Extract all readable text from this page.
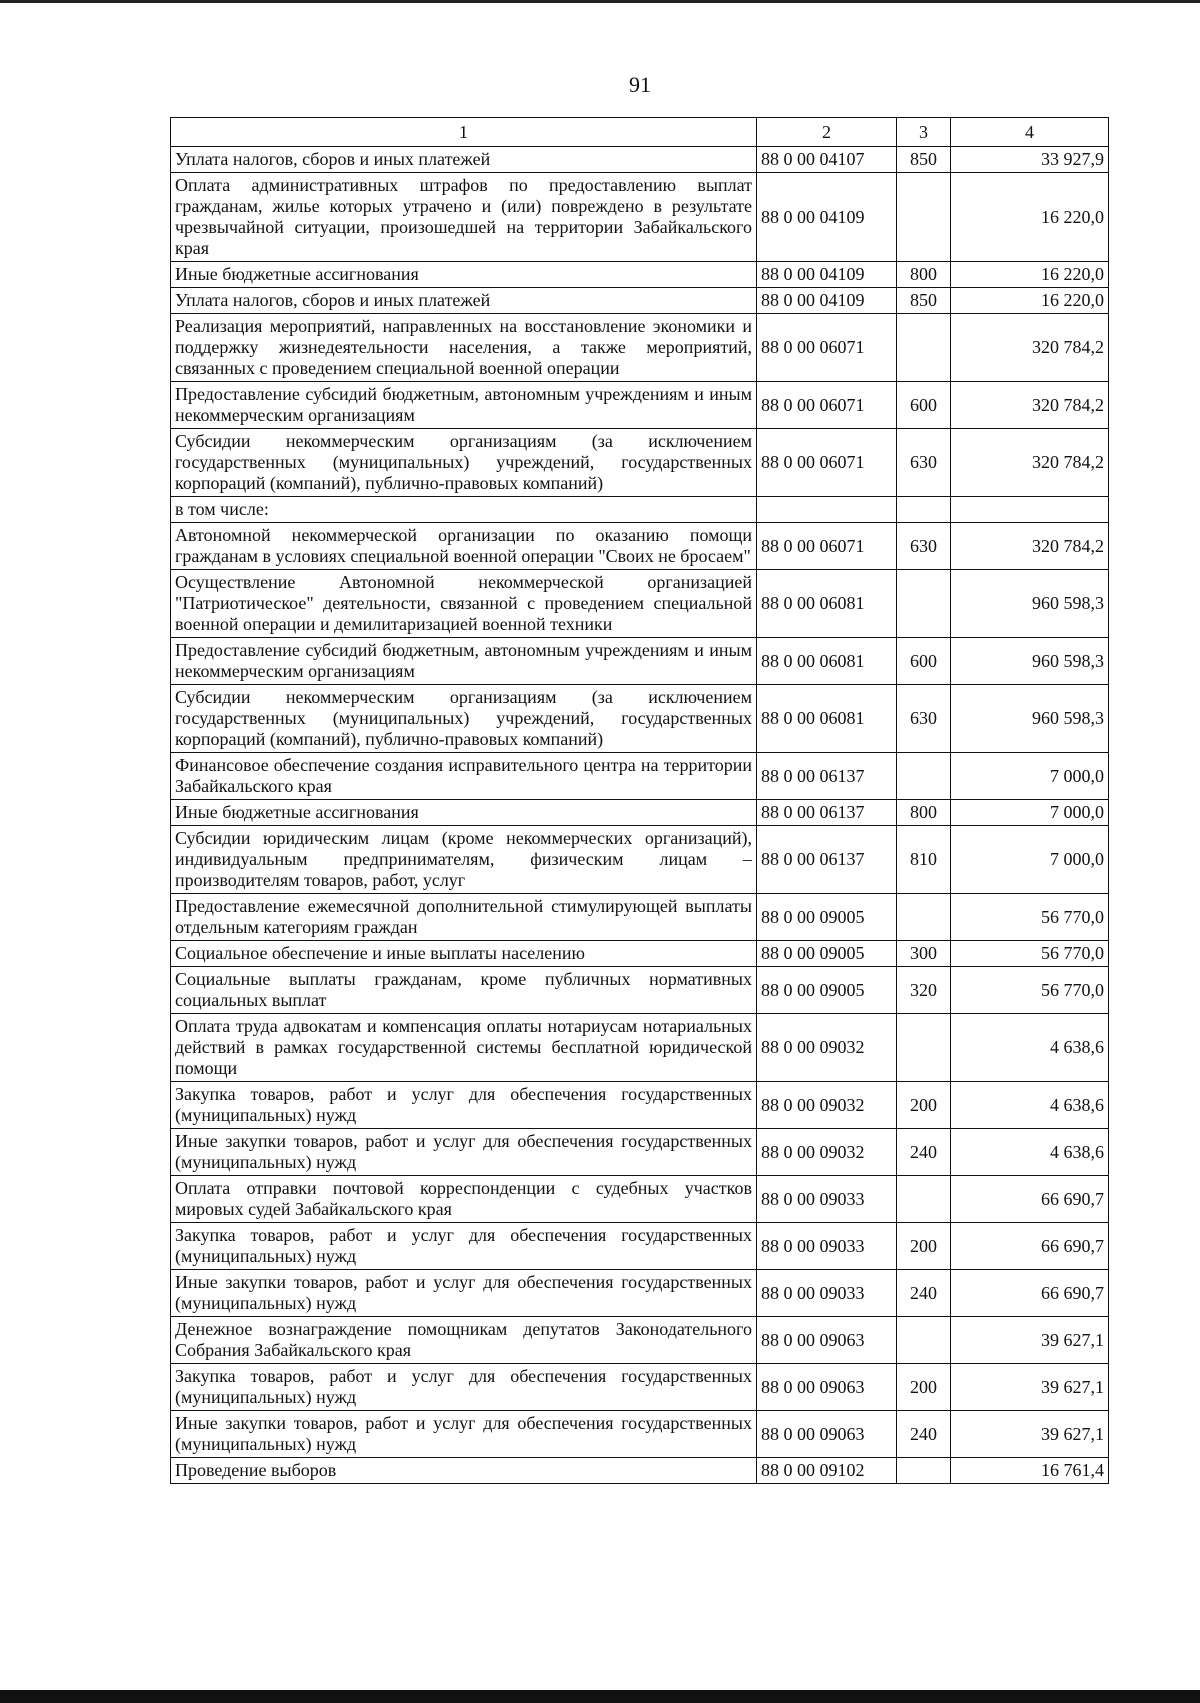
91
1	2	3	4
Уплата налогов, сборов и иных платежей	88 0 00 04107	850	33 927,9
Оплата административных штрафов по предоставлению выплат гражданам, жилье которых утрачено и (или) повреждено в результате чрезвычайной ситуации, произошедшей на территории Забайкальского края	88 0 00 04109		16 220,0
Иные бюджетные ассигнования	88 0 00 04109	800	16 220,0
Уплата налогов, сборов и иных платежей	88 0 00 04109	850	16 220,0
Реализация мероприятий, направленных на восстановление экономики и поддержку жизнедеятельности населения, а также мероприятий, связанных с проведением специальной военной операции	88 0 00 06071		320 784,2
Предоставление субсидий бюджетным, автономным учреждениям и иным некоммерческим организациям	88 0 00 06071	600	320 784,2
Субсидии некоммерческим организациям (за исключением государственных (муниципальных) учреждений, государственных корпораций (компаний), публично-правовых компаний)	88 0 00 06071	630	320 784,2
в том числе:			
Автономной некоммерческой организации по оказанию помощи гражданам в условиях специальной военной операции "Своих не бросаем"	88 0 00 06071	630	320 784,2
Осуществление Автономной некоммерческой организацией "Патриотическое" деятельности, связанной с проведением специальной военной операции и демилитаризацией военной техники	88 0 00 06081		960 598,3
Предоставление субсидий бюджетным, автономным учреждениям и иным некоммерческим организациям	88 0 00 06081	600	960 598,3
Субсидии некоммерческим организациям (за исключением государственных (муниципальных) учреждений, государственных корпораций (компаний), публично-правовых компаний)	88 0 00 06081	630	960 598,3
Финансовое обеспечение создания исправительного центра на территории Забайкальского края	88 0 00 06137		7 000,0
Иные бюджетные ассигнования	88 0 00 06137	800	7 000,0
Субсидии юридическим лицам (кроме некоммерческих организаций), индивидуальным предпринимателям, физическим лицам – производителям товаров, работ, услуг	88 0 00 06137	810	7 000,0
Предоставление ежемесячной дополнительной стимулирующей выплаты отдельным категориям граждан	88 0 00 09005		56 770,0
Социальное обеспечение и иные выплаты населению	88 0 00 09005	300	56 770,0
Социальные выплаты гражданам, кроме публичных нормативных социальных выплат	88 0 00 09005	320	56 770,0
Оплата труда адвокатам и компенсация оплаты нотариусам нотариальных действий в рамках государственной системы бесплатной юридической помощи	88 0 00 09032		4 638,6
Закупка товаров, работ и услуг для обеспечения государственных (муниципальных) нужд	88 0 00 09032	200	4 638,6
Иные закупки товаров, работ и услуг для обеспечения государственных (муниципальных) нужд	88 0 00 09032	240	4 638,6
Оплата отправки почтовой корреспонденции с судебных участков мировых судей Забайкальского края	88 0 00 09033		66 690,7
Закупка товаров, работ и услуг для обеспечения государственных (муниципальных) нужд	88 0 00 09033	200	66 690,7
Иные закупки товаров, работ и услуг для обеспечения государственных (муниципальных) нужд	88 0 00 09033	240	66 690,7
Денежное вознаграждение помощникам депутатов Законодательного Собрания Забайкальского края	88 0 00 09063		39 627,1
Закупка товаров, работ и услуг для обеспечения государственных (муниципальных) нужд	88 0 00 09063	200	39 627,1
Иные закупки товаров, работ и услуг для обеспечения государственных (муниципальных) нужд	88 0 00 09063	240	39 627,1
Проведение выборов	88 0 00 09102		16 761,4
